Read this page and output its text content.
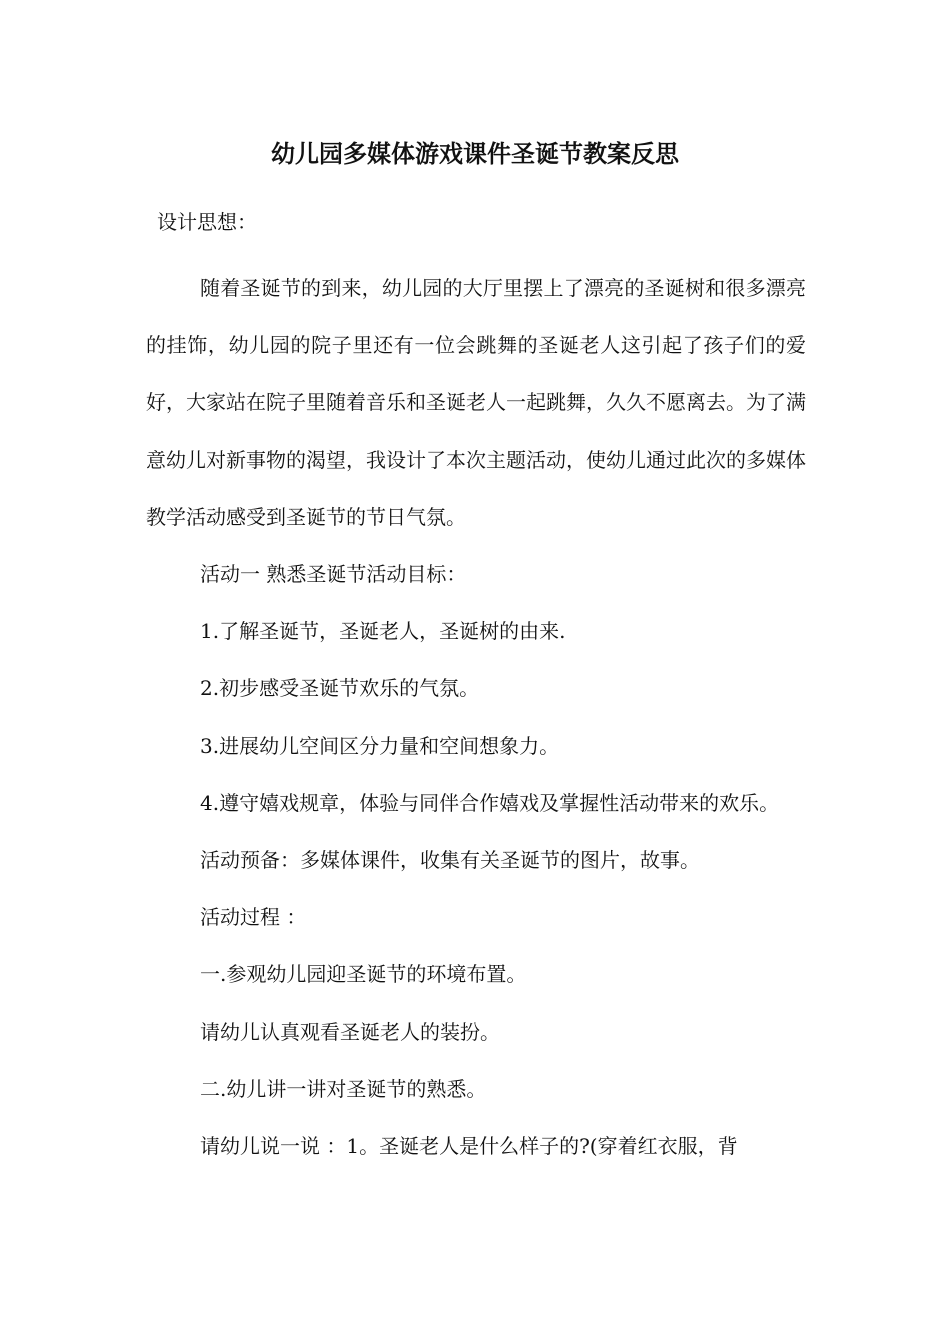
幼儿园多媒体游戏课件圣诞节教案反思
设计思想：

随着圣诞节的到来，幼儿园的大厅里摆上了漂亮的圣诞树和很多漂亮的挂饰，幼儿园的院子里还有一位会跳舞的圣诞老人这引起了孩子们的爱好，大家站在院子里随着音乐和圣诞老人一起跳舞，久久不愿离去。为了满意幼儿对新事物的渴望，我设计了本次主题活动，使幼儿通过此次的多媒体教学活动感受到圣诞节的节日气氛。

活动一 熟悉圣诞节活动目标：

1.了解圣诞节，圣诞老人，圣诞树的由来.

2.初步感受圣诞节欢乐的气氛。

3.进展幼儿空间区分力量和空间想象力。

4.遵守嬉戏规章，体验与同伴合作嬉戏及掌握性活动带来的欢乐。

活动预备：多媒体课件，收集有关圣诞节的图片，故事。

活动过程 ：

一.参观幼儿园迎圣诞节的环境布置。

请幼儿认真观看圣诞老人的装扮。

二.幼儿讲一讲对圣诞节的熟悉。

请幼儿说一说 ：1。圣诞老人是什么样子的?(穿着红衣服，背
